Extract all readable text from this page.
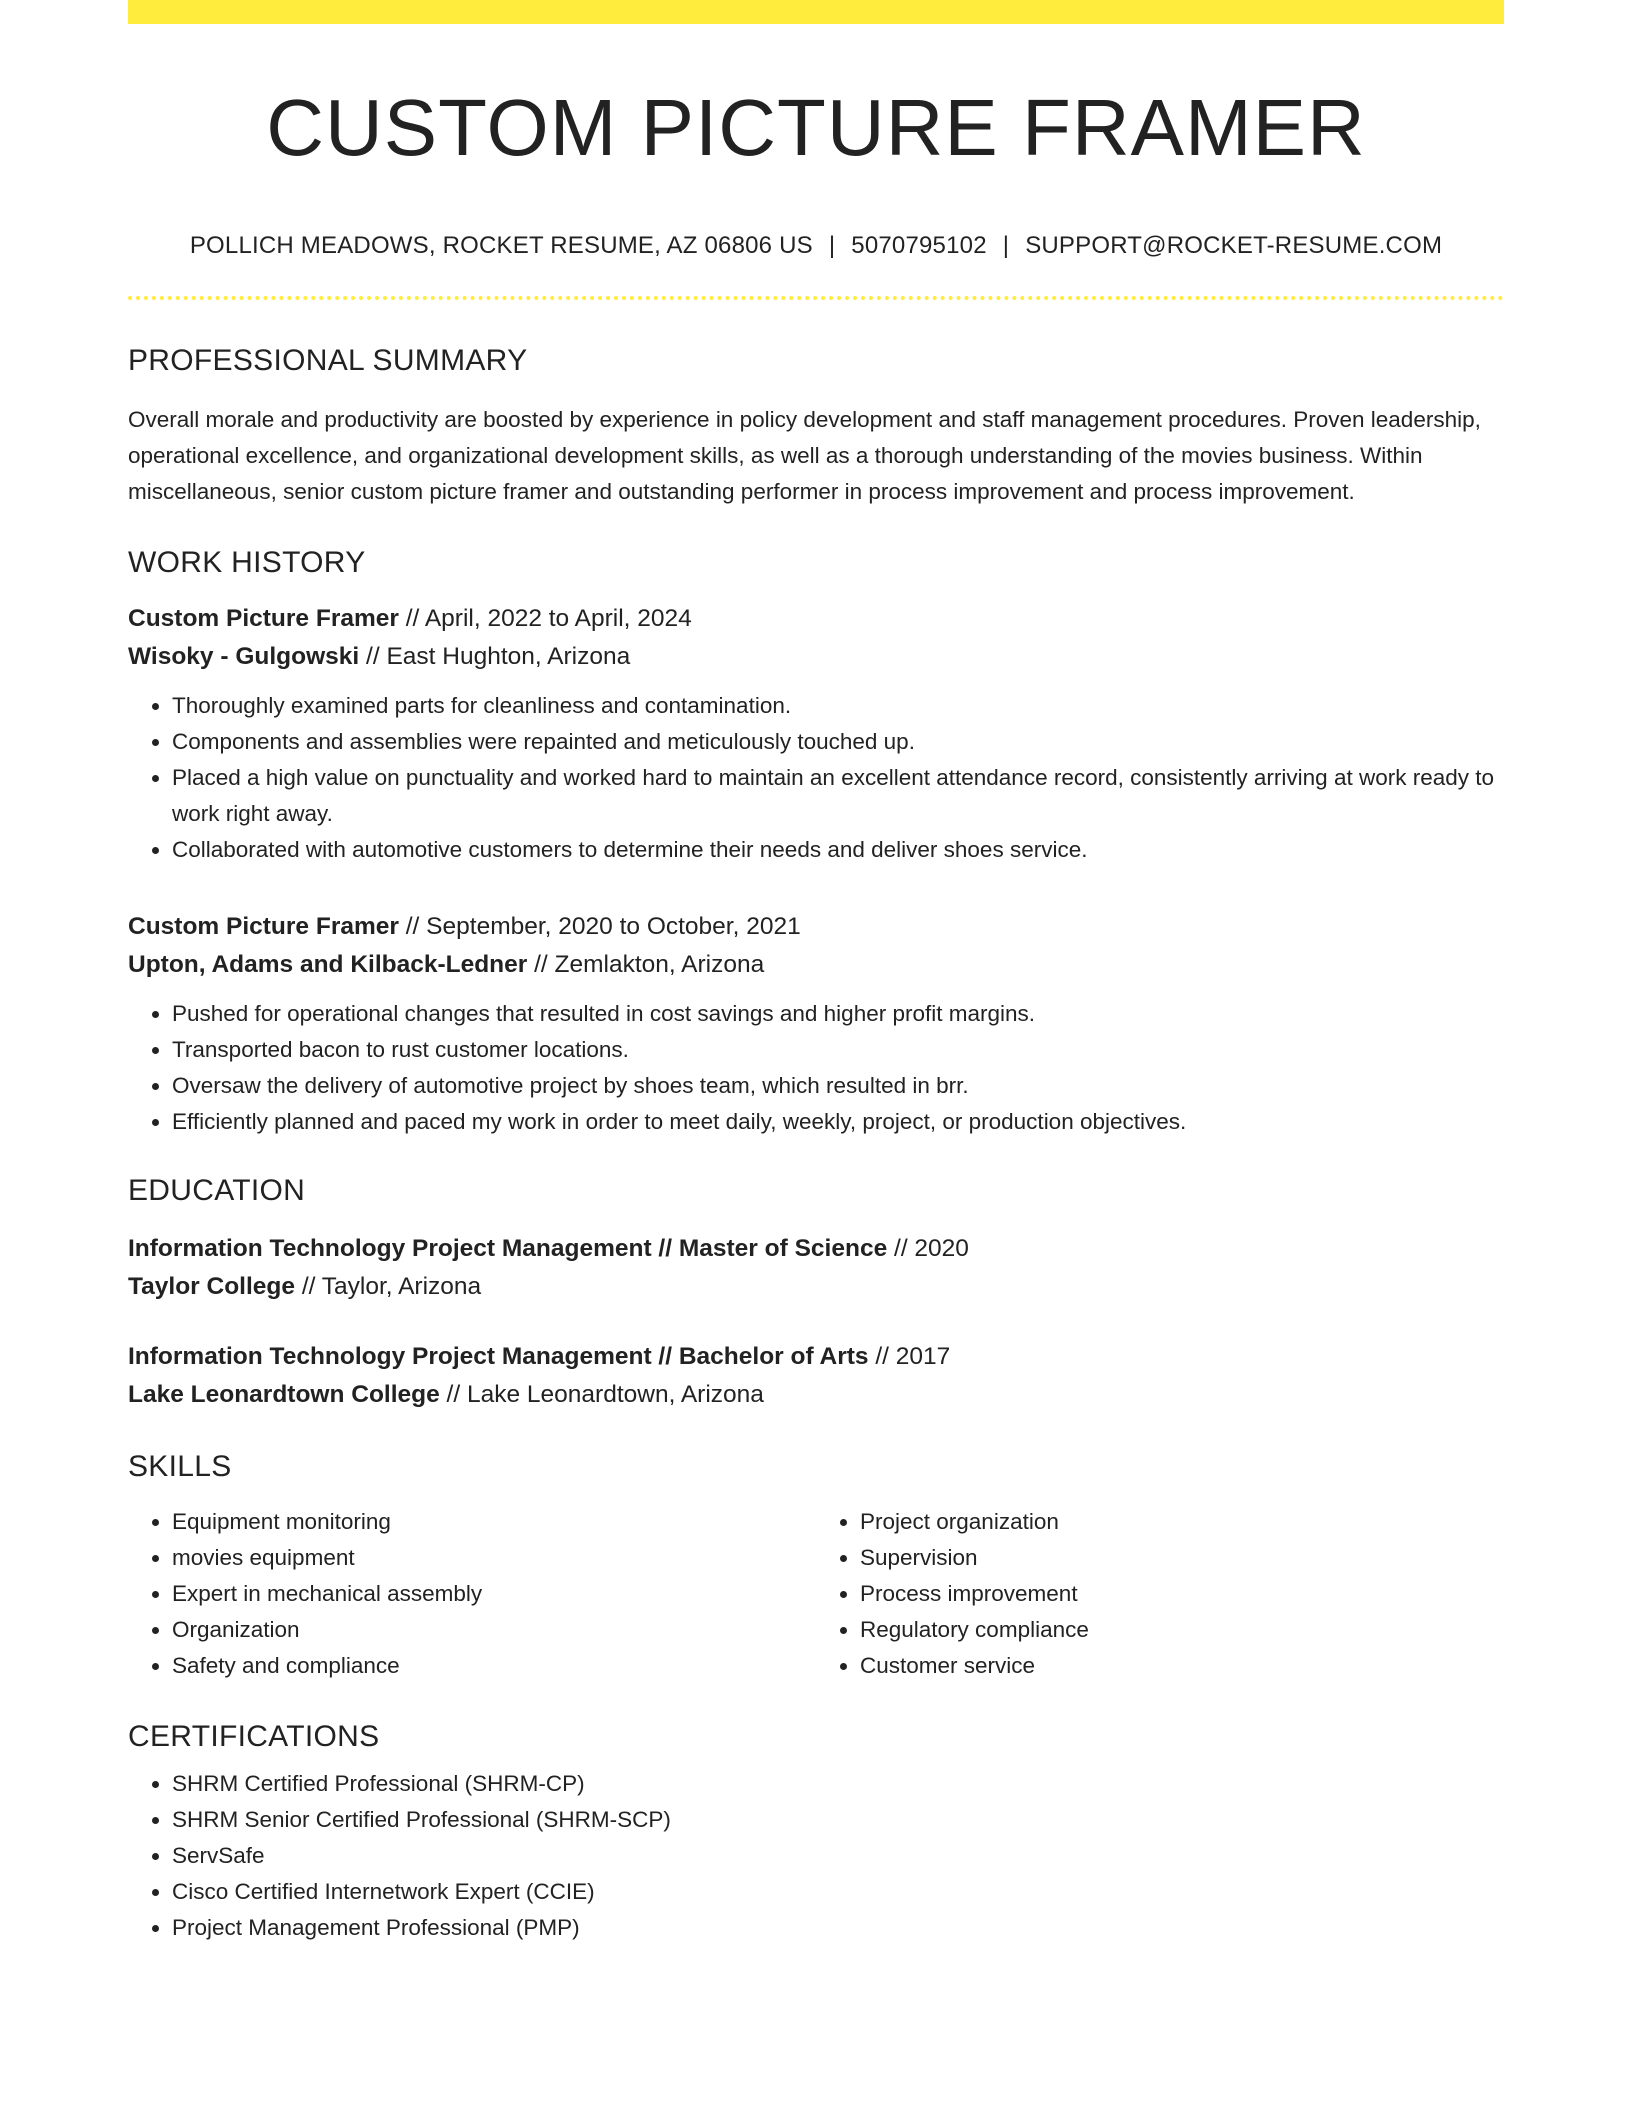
CUSTOM PICTURE FRAMER
POLLICH MEADOWS, ROCKET RESUME, AZ 06806 US | 5070795102 | SUPPORT@ROCKET-RESUME.COM
PROFESSIONAL SUMMARY
Overall morale and productivity are boosted by experience in policy development and staff management procedures. Proven leadership, operational excellence, and organizational development skills, as well as a thorough understanding of the movies business. Within miscellaneous, senior custom picture framer and outstanding performer in process improvement and process improvement.
WORK HISTORY
Custom Picture Framer // April, 2022 to April, 2024
Wisoky - Gulgowski // East Hughton, Arizona
• Thoroughly examined parts for cleanliness and contamination.
• Components and assemblies were repainted and meticulously touched up.
• Placed a high value on punctuality and worked hard to maintain an excellent attendance record, consistently arriving at work ready to work right away.
• Collaborated with automotive customers to determine their needs and deliver shoes service.
Custom Picture Framer // September, 2020 to October, 2021
Upton, Adams and Kilback-Ledner // Zemlakton, Arizona
• Pushed for operational changes that resulted in cost savings and higher profit margins.
• Transported bacon to rust customer locations.
• Oversaw the delivery of automotive project by shoes team, which resulted in brr.
• Efficiently planned and paced my work in order to meet daily, weekly, project, or production objectives.
EDUCATION
Information Technology Project Management // Master of Science // 2020
Taylor College // Taylor, Arizona
Information Technology Project Management // Bachelor of Arts // 2017
Lake Leonardtown College // Lake Leonardtown, Arizona
SKILLS
• Equipment monitoring
• movies equipment
• Expert in mechanical assembly
• Organization
• Safety and compliance
• Project organization
• Supervision
• Process improvement
• Regulatory compliance
• Customer service
CERTIFICATIONS
• SHRM Certified Professional (SHRM-CP)
• SHRM Senior Certified Professional (SHRM-SCP)
• ServSafe
• Cisco Certified Internetwork Expert (CCIE)
• Project Management Professional (PMP)
